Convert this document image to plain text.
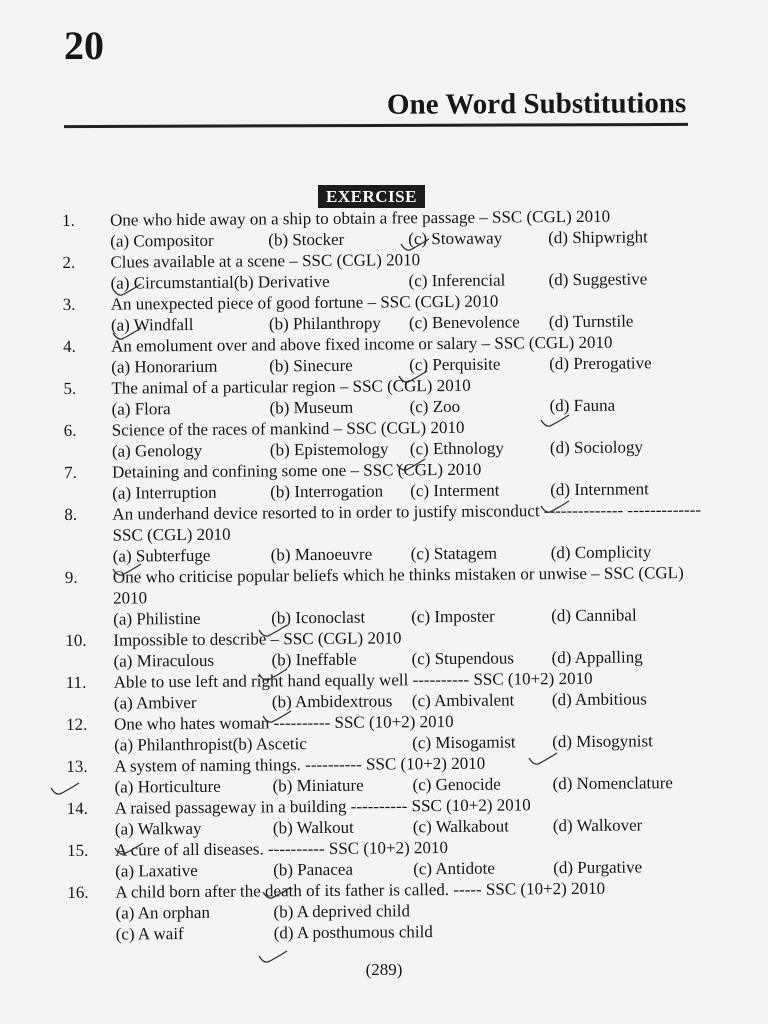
20
One Word Substitutions
EXERCISE
1.	One who hide away on a ship to obtain a free passage – SSC (CGL) 2010
(a) Compositor	(b) Stocker	(c) Stowaway	(d) Shipwright
2.	Clues available at a scene – SSC (CGL) 2010
(a) Circumstantial(b) Derivative	(c) Inferencial	(d) Suggestive
3.	An unexpected piece of good fortune – SSC (CGL) 2010
(a) Windfall	(b) Philanthropy	(c) Benevolence	(d) Turnstile
4.	An emolument over and above fixed income or salary – SSC (CGL) 2010
(a) Honorarium	(b) Sinecure	(c) Perquisite	(d) Prerogative
5.	The animal of a particular region – SSC (CGL) 2010
(a) Flora	(b) Museum	(c) Zoo	(d) Fauna
6.	Science of the races of mankind – SSC (CGL) 2010
(a) Genology	(b) Epistemology	(c) Ethnology	(d) Sociology
7.	Detaining and confining some one – SSC (CGL) 2010
(a) Interruption	(b) Interrogation	(c) Interment	(d) Internment
8.	An underhand device resorted to in order to justify misconduct -------------- ------------- SSC (CGL) 2010
(a) Subterfuge	(b) Manoeuvre	(c) Statagem	(d) Complicity
9.	One who criticise popular beliefs which he thinks mistaken or unwise – SSC (CGL) 2010
(a) Philistine	(b) Iconoclast	(c) Imposter	(d) Cannibal
10.	Impossible to describe – SSC (CGL) 2010
(a) Miraculous	(b) Ineffable	(c) Stupendous	(d) Appalling
11.	Able to use left and right hand equally well ---------- SSC (10+2) 2010
(a) Ambiver	(b) Ambidextrous	(c) Ambivalent	(d) Ambitious
12.	One who hates woman ---------- SSC (10+2) 2010
(a) Philanthropist(b) Ascetic	(c) Misogamist	(d) Misogynist
13.	A system of naming things. ---------- SSC (10+2) 2010
(a) Horticulture	(b) Miniature	(c) Genocide	(d) Nomenclature
14.	A raised passageway in a building ---------- SSC (10+2) 2010
(a) Walkway	(b) Walkout	(c) Walkabout	(d) Walkover
15.	A cure of all diseases. ---------- SSC (10+2) 2010
(a) Laxative	(b) Panacea	(c) Antidote	(d) Purgative
16.	A child born after the death of its father is called. ----- SSC (10+2) 2010
(a) An orphan	(b) A deprived child
(c) A waif	(d) A posthumous child
(289)
